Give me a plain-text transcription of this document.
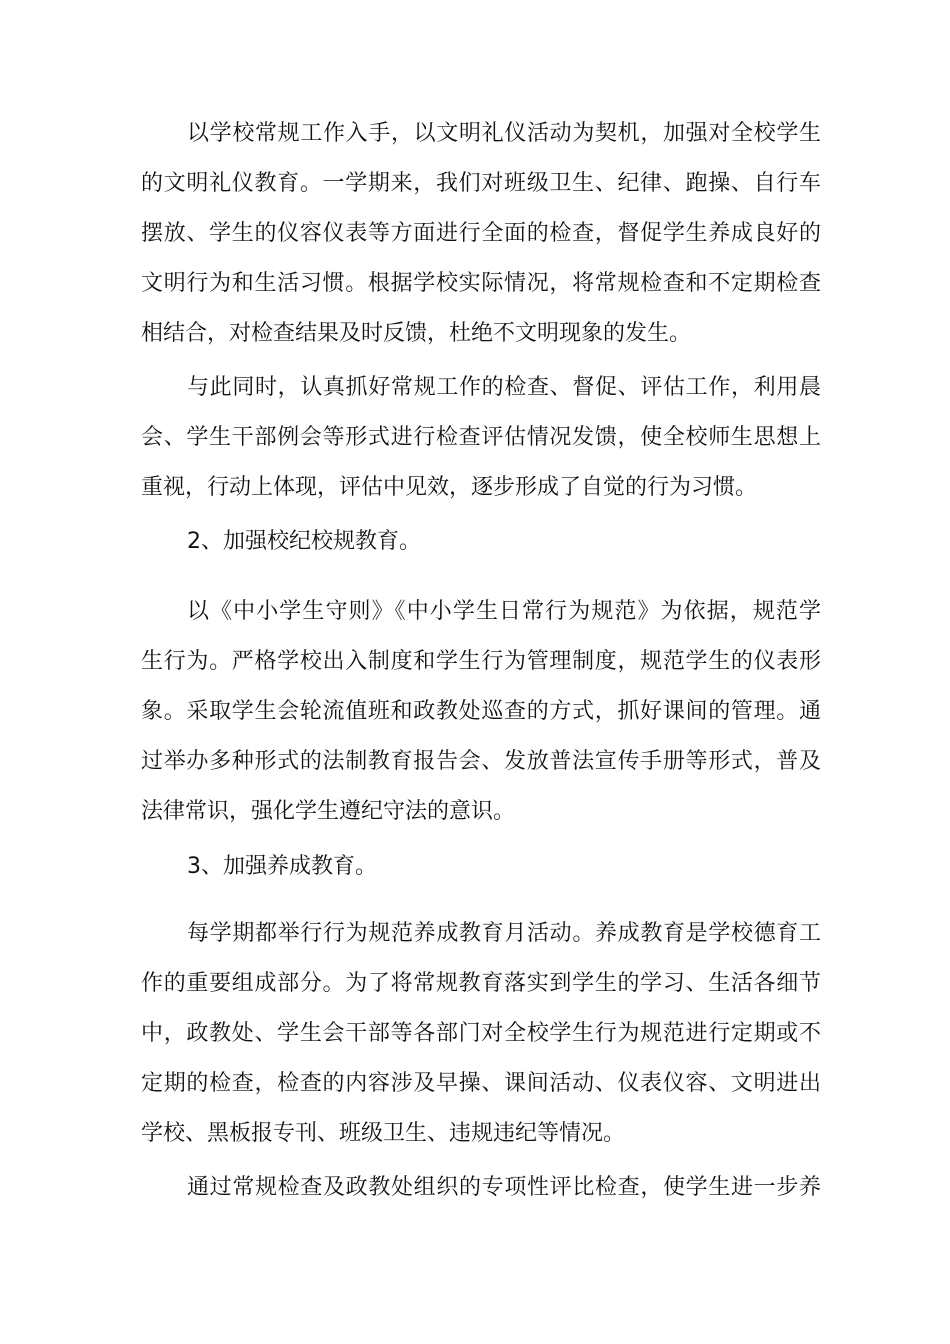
以学校常规工作入手，以文明礼仪活动为契机，加强对全校学生
的文明礼仪教育。一学期来，我们对班级卫生、纪律、跑操、自行车
摆放、学生的仪容仪表等方面进行全面的检查，督促学生养成良好的
文明行为和生活习惯。根据学校实际情况，将常规检查和不定期检查
相结合，对检查结果及时反馈，杜绝不文明现象的发生。
与此同时，认真抓好常规工作的检查、督促、评估工作，利用晨
会、学生干部例会等形式进行检查评估情况发馈，使全校师生思想上
重视，行动上体现，评估中见效，逐步形成了自觉的行为习惯。
2、加强校纪校规教育。
以《中小学生守则》《中小学生日常行为规范》为依据，规范学
生行为。严格学校出入制度和学生行为管理制度，规范学生的仪表形
象。采取学生会轮流值班和政教处巡查的方式，抓好课间的管理。通
过举办多种形式的法制教育报告会、发放普法宣传手册等形式，普及
法律常识，强化学生遵纪守法的意识。
3、加强养成教育。
每学期都举行行为规范养成教育月活动。养成教育是学校德育工
作的重要组成部分。为了将常规教育落实到学生的学习、生活各细节
中，政教处、学生会干部等各部门对全校学生行为规范进行定期或不
定期的检查，检查的内容涉及早操、课间活动、仪表仪容、文明进出
学校、黑板报专刊、班级卫生、违规违纪等情况。
通过常规检查及政教处组织的专项性评比检查，使学生进一步养
